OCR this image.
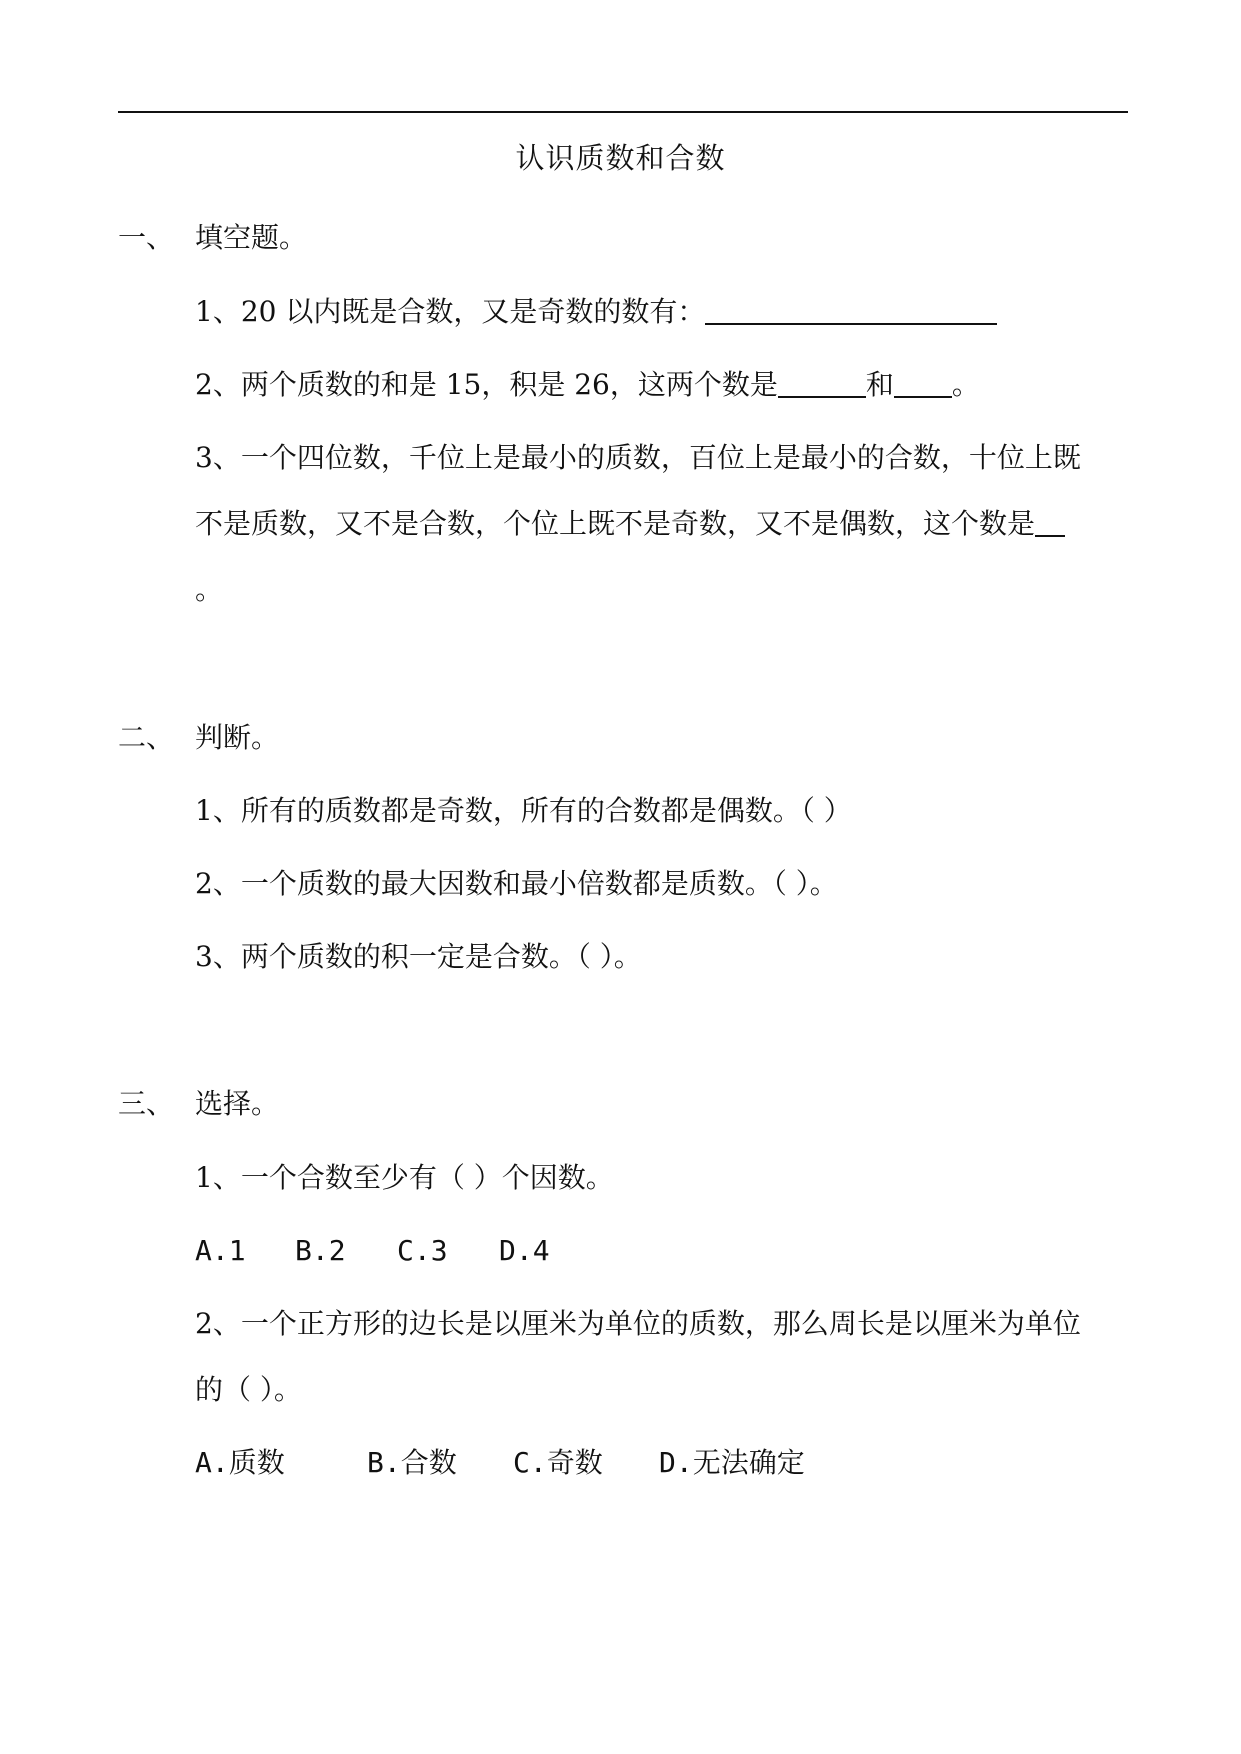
认识质数和合数
一、 填空题。
1、20 以内既是合数，又是奇数的数有：
2、两个质数的和是 15，积是 26，这两个数是	和 。
3、一个四位数，千位上是最小的质数，百位上是最小的合数，十位上既
不是质数，又不是合数，个位上既不是奇数，又不是偶数，这个数是
。
二、 判断。
1、所有的质数都是奇数，所有的合数都是偶数。（ ）
2、一个质数的最大因数和最小倍数都是质数。（ ）。
3、两个质数的积一定是合数。（ ）。
三、 选择。
1、一个合数至少有（ ）个因数。
A.1 B.2 C.3 D.4
2、一个正方形的边长是以厘米为单位的质数，那么周长是以厘米为单位
的（ ）。
A.质数	B.合数 C.奇数 D.无法确定
